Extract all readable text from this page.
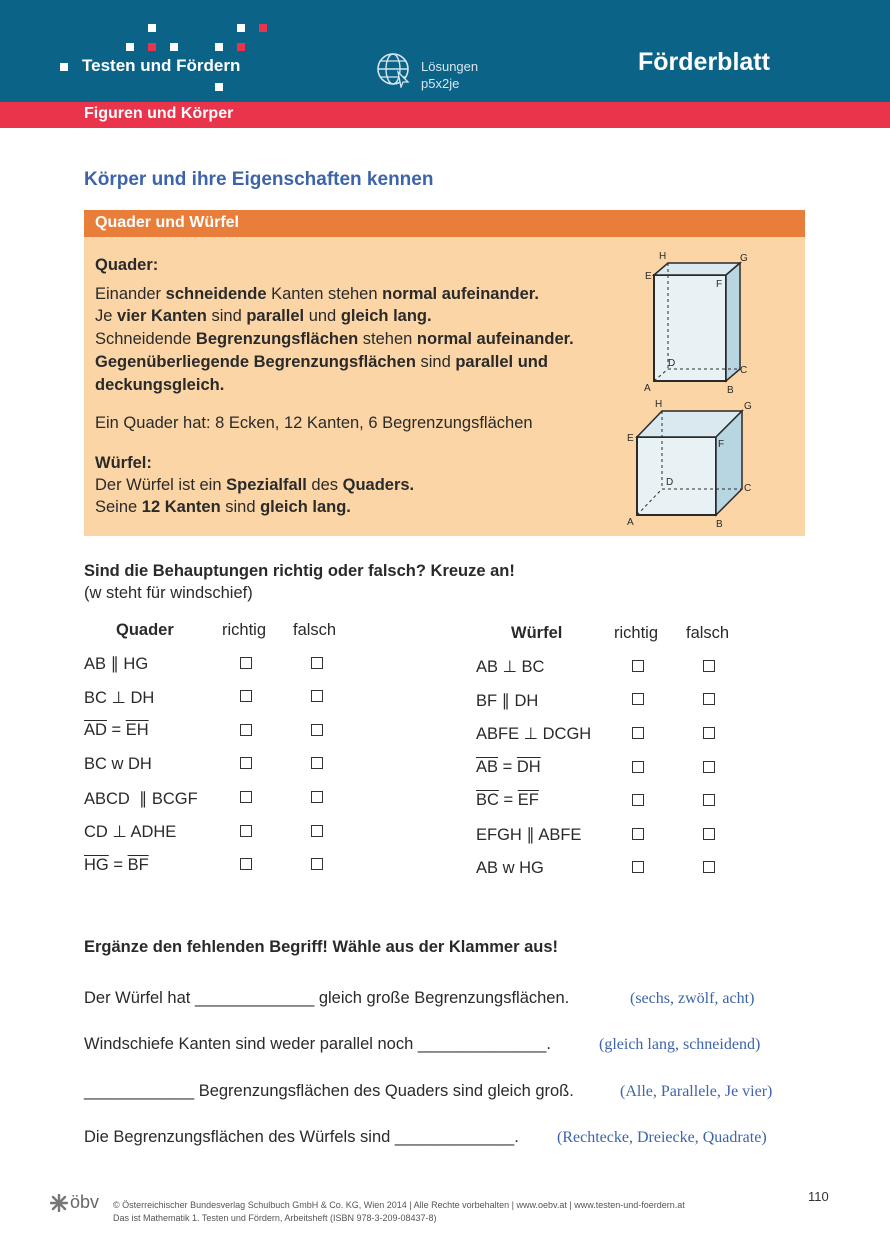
Testen und Fördern	Lösungen
p5x2je
Förderblatt
Figuren und Körper
Körper und ihre Eigenschaften kennen
Quader und Würfel
Quader:
Einander schneidende Kanten stehen normal aufeinander.
Je vier Kanten sind parallel und gleich lang.
Schneidende Begrenzungsflächen stehen normal aufeinander.
Gegenüberliegende Begrenzungsflächen sind parallel und
deckungsgleich.
Ein Quader hat: 8 Ecken, 12 Kanten, 6 Begrenzungsflächen
Würfel:
Der Würfel ist ein Spezialfall des Quaders.
Seine 12 Kanten sind gleich lang.
H	G
E
F
D
C
A	B
H	G
E
F
D
C
A	B
Sind die Behauptungen richtig oder falsch? Kreuze an!
(w steht für windschief)
Quader	richtig falsch	Würfel	richtig falsch
AB ∥ HG
BC ⊥ DH
$\overline{AD} = \overline{EH}$
BC w DH
ABCD  ∥ BCGF
CD ⊥ ADHE
$\overline{HG} = \overline{BF}$
AB ⊥ BC
BF ∥ DH
ABFE ⊥ DCGH
$\overline{AB} = \overline{DH}$
$\overline{BC} = \overline{EF}$
EFGH ∥ ABFE
AB w HG
Ergänze den fehlenden Begriff! Wähle aus der Klammer aus!
Der Würfel hat _____________ gleich große Begrenzungsflächen.	(sechs, zwölf, acht)
Windschiefe Kanten sind weder parallel noch ______________.	(gleich lang, schneidend)
____________ Begrenzungsflächen des Quaders sind gleich groß.	(Alle, Parallele, Je vier)
Die Begrenzungsflächen des Würfels sind _____________. (Rechtecke, Dreiecke, Quadrate)
öbv © Österreichischer Bundesverlag Schulbuch GmbH & Co. KG, Wien 2014 | Alle Rechte vorbehalten | www.oebv.at | www.testen-und-foerdern.at
Das ist Mathematik 1. Testen und Fördern, Arbeitsheft (ISBN 978-3-209-08437-8)
110
